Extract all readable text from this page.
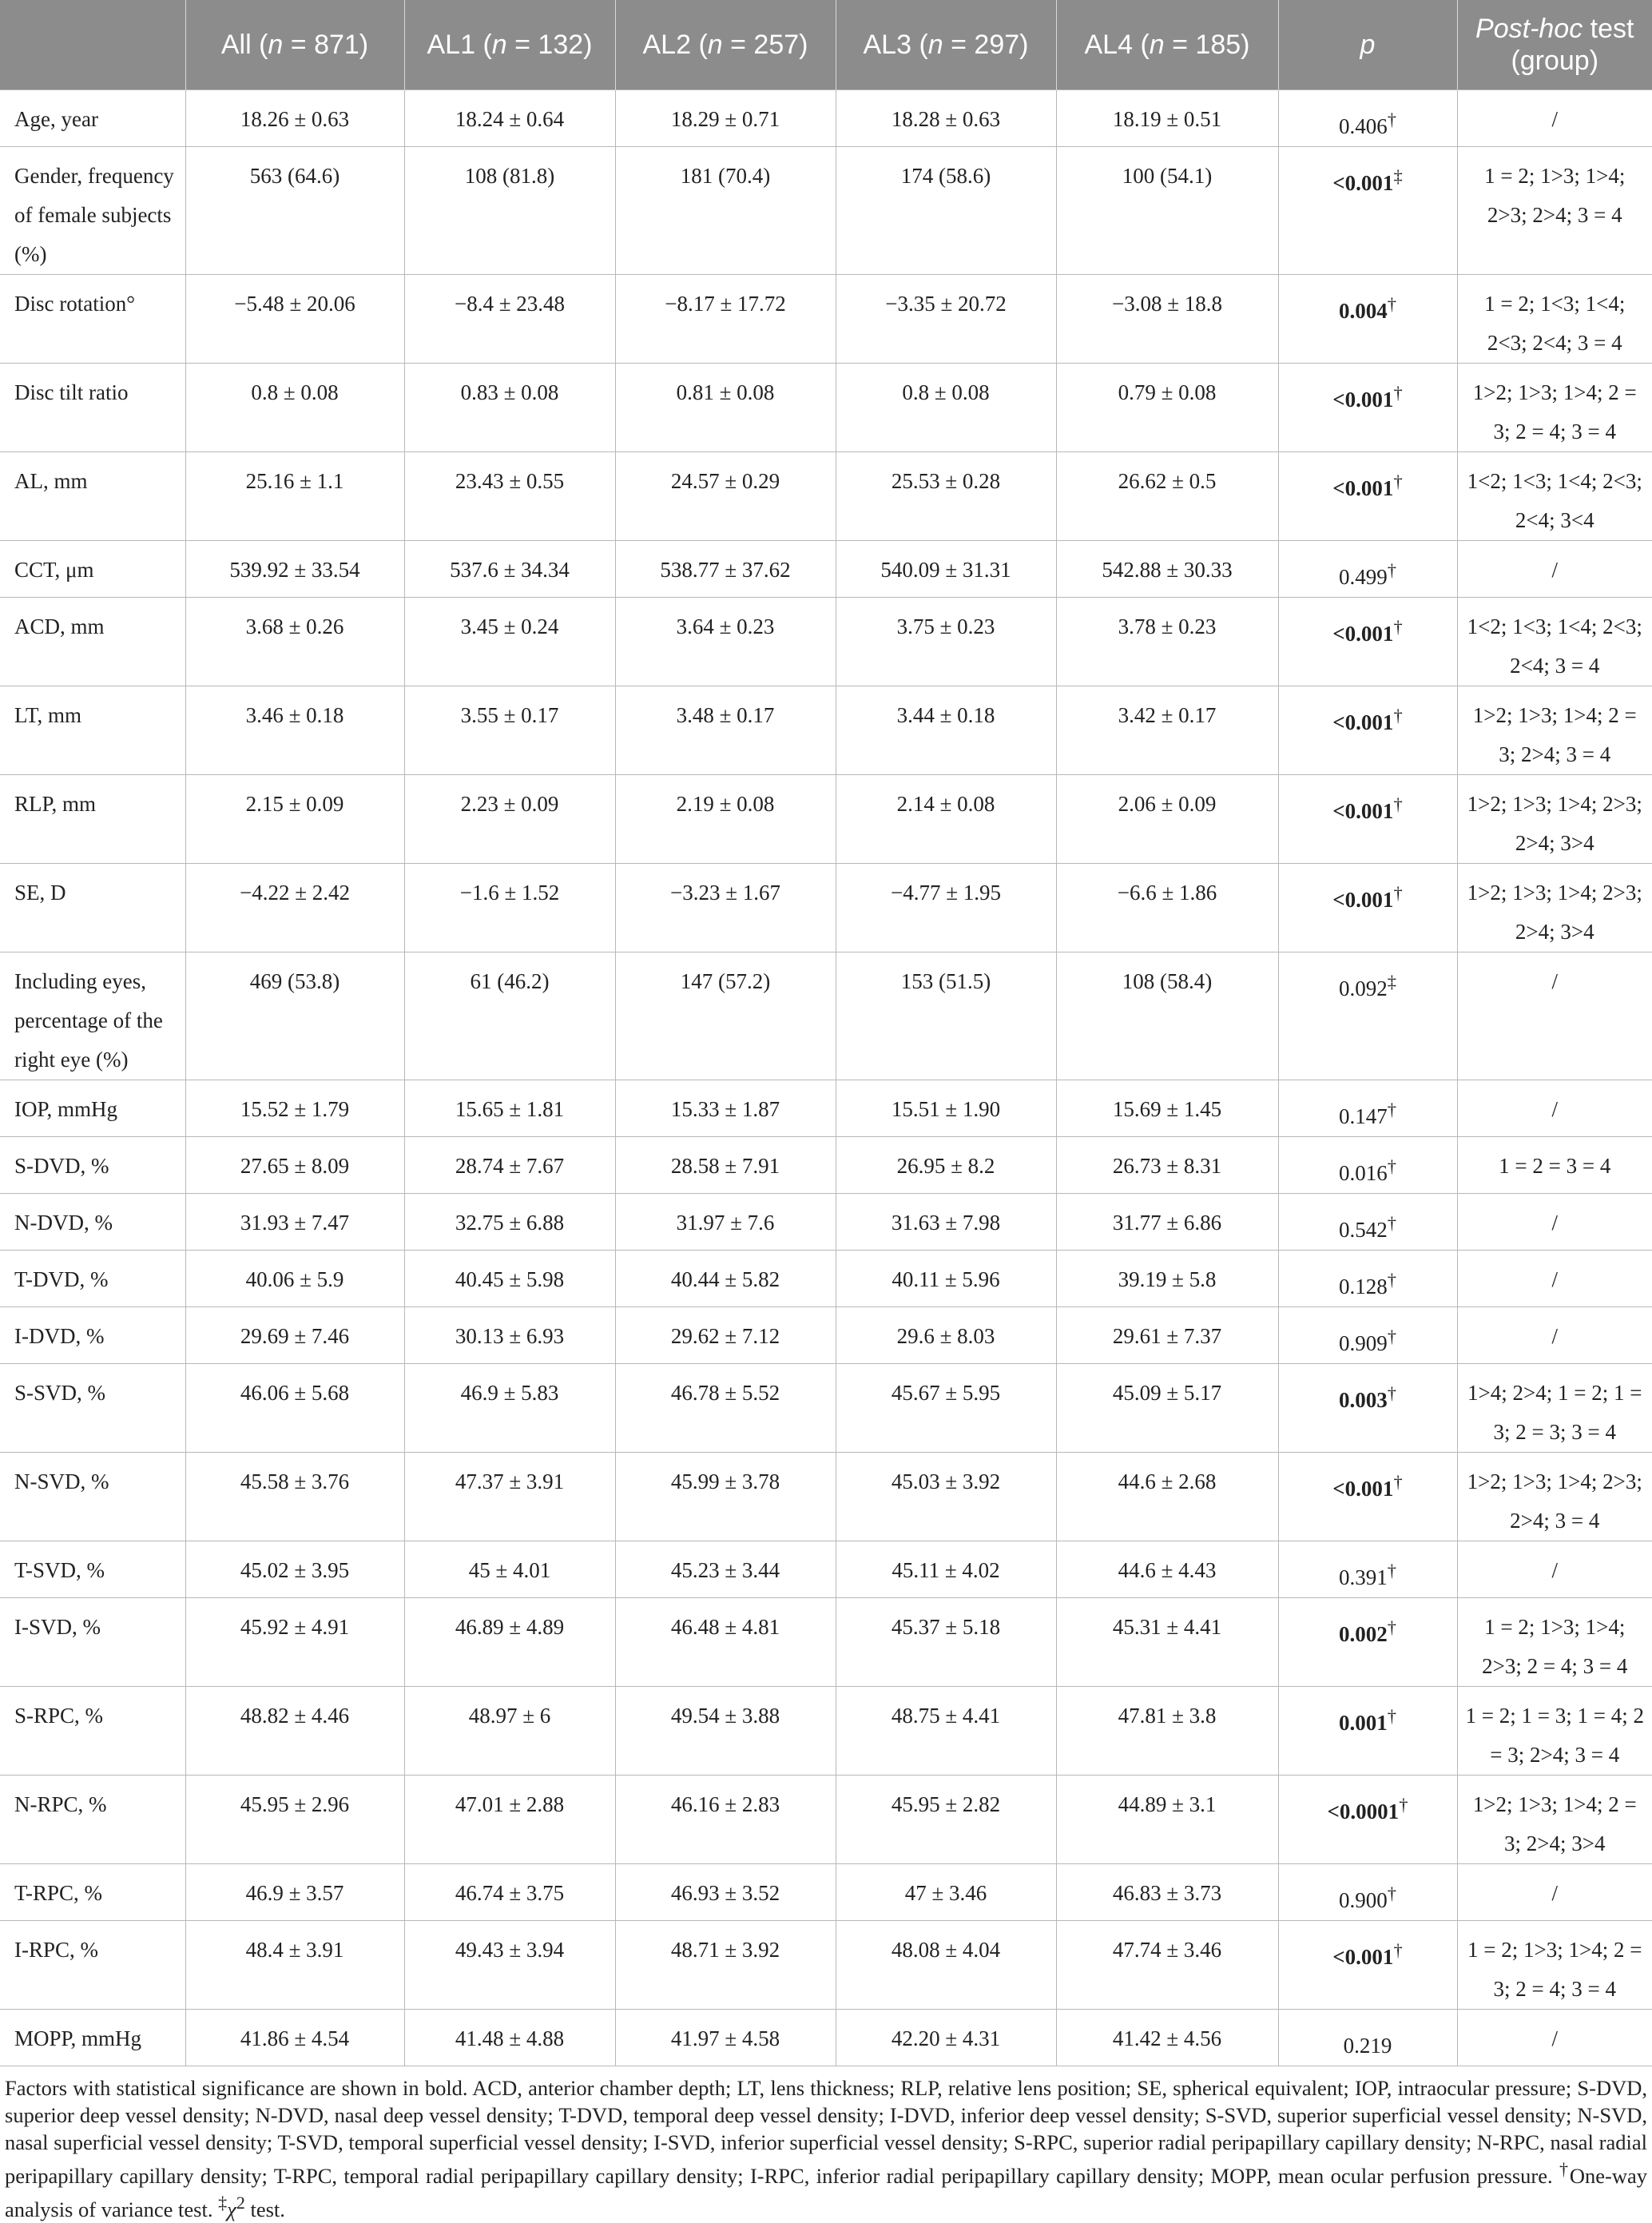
	All (n = 871)	AL1 (n = 132)	AL2 (n = 257)	AL3 (n = 297)	AL4 (n = 185)	p	Post-hoc test (group)
Age, year	18.26 ± 0.63	18.24 ± 0.64	18.29 ± 0.71	18.28 ± 0.63	18.19 ± 0.51	0.406†	/
Gender, frequency of female subjects (%)	563 (64.6)	108 (81.8)	181 (70.4)	174 (58.6)	100 (54.1)	<0.001‡	1 = 2; 1>3; 1>4; 2>3; 2>4; 3 = 4
Disc rotation°	−5.48 ± 20.06	−8.4 ± 23.48	−8.17 ± 17.72	−3.35 ± 20.72	−3.08 ± 18.8	0.004†	1 = 2; 1<3; 1<4; 2<3; 2<4; 3 = 4
Disc tilt ratio	0.8 ± 0.08	0.83 ± 0.08	0.81 ± 0.08	0.8 ± 0.08	0.79 ± 0.08	<0.001†	1>2; 1>3; 1>4; 2 = 3; 2 = 4; 3 = 4
AL, mm	25.16 ± 1.1	23.43 ± 0.55	24.57 ± 0.29	25.53 ± 0.28	26.62 ± 0.5	<0.001†	1<2; 1<3; 1<4; 2<3; 2<4; 3<4
CCT, μm	539.92 ± 33.54	537.6 ± 34.34	538.77 ± 37.62	540.09 ± 31.31	542.88 ± 30.33	0.499†	/
ACD, mm	3.68 ± 0.26	3.45 ± 0.24	3.64 ± 0.23	3.75 ± 0.23	3.78 ± 0.23	<0.001†	1<2; 1<3; 1<4; 2<3; 2<4; 3 = 4
LT, mm	3.46 ± 0.18	3.55 ± 0.17	3.48 ± 0.17	3.44 ± 0.18	3.42 ± 0.17	<0.001†	1>2; 1>3; 1>4; 2 = 3; 2>4; 3 = 4
RLP, mm	2.15 ± 0.09	2.23 ± 0.09	2.19 ± 0.08	2.14 ± 0.08	2.06 ± 0.09	<0.001†	1>2; 1>3; 1>4; 2>3; 2>4; 3>4
SE, D	−4.22 ± 2.42	−1.6 ± 1.52	−3.23 ± 1.67	−4.77 ± 1.95	−6.6 ± 1.86	<0.001†	1>2; 1>3; 1>4; 2>3; 2>4; 3>4
Including eyes, percentage of the right eye (%)	469 (53.8)	61 (46.2)	147 (57.2)	153 (51.5)	108 (58.4)	0.092‡	/
IOP, mmHg	15.52 ± 1.79	15.65 ± 1.81	15.33 ± 1.87	15.51 ± 1.90	15.69 ± 1.45	0.147†	/
S-DVD, %	27.65 ± 8.09	28.74 ± 7.67	28.58 ± 7.91	26.95 ± 8.2	26.73 ± 8.31	0.016†	1 = 2 = 3 = 4
N-DVD, %	31.93 ± 7.47	32.75 ± 6.88	31.97 ± 7.6	31.63 ± 7.98	31.77 ± 6.86	0.542†	/
T-DVD, %	40.06 ± 5.9	40.45 ± 5.98	40.44 ± 5.82	40.11 ± 5.96	39.19 ± 5.8	0.128†	/
I-DVD, %	29.69 ± 7.46	30.13 ± 6.93	29.62 ± 7.12	29.6 ± 8.03	29.61 ± 7.37	0.909†	/
S-SVD, %	46.06 ± 5.68	46.9 ± 5.83	46.78 ± 5.52	45.67 ± 5.95	45.09 ± 5.17	0.003†	1>4; 2>4; 1 = 2; 1 = 3; 2 = 3; 3 = 4
N-SVD, %	45.58 ± 3.76	47.37 ± 3.91	45.99 ± 3.78	45.03 ± 3.92	44.6 ± 2.68	<0.001†	1>2; 1>3; 1>4; 2>3; 2>4; 3 = 4
T-SVD, %	45.02 ± 3.95	45 ± 4.01	45.23 ± 3.44	45.11 ± 4.02	44.6 ± 4.43	0.391†	/
I-SVD, %	45.92 ± 4.91	46.89 ± 4.89	46.48 ± 4.81	45.37 ± 5.18	45.31 ± 4.41	0.002†	1 = 2; 1>3; 1>4; 2>3; 2 = 4; 3 = 4
S-RPC, %	48.82 ± 4.46	48.97 ± 6	49.54 ± 3.88	48.75 ± 4.41	47.81 ± 3.8	0.001†	1 = 2; 1 = 3; 1 = 4; 2 = 3; 2>4; 3 = 4
N-RPC, %	45.95 ± 2.96	47.01 ± 2.88	46.16 ± 2.83	45.95 ± 2.82	44.89 ± 3.1	<0.0001†	1>2; 1>3; 1>4; 2 = 3; 2>4; 3>4
T-RPC, %	46.9 ± 3.57	46.74 ± 3.75	46.93 ± 3.52	47 ± 3.46	46.83 ± 3.73	0.900†	/
I-RPC, %	48.4 ± 3.91	49.43 ± 3.94	48.71 ± 3.92	48.08 ± 4.04	47.74 ± 3.46	<0.001†	1 = 2; 1>3; 1>4; 2 = 3; 2 = 4; 3 = 4
MOPP, mmHg	41.86 ± 4.54	41.48 ± 4.88	41.97 ± 4.58	42.20 ± 4.31	41.42 ± 4.56	0.219	/
Factors with statistical significance are shown in bold. ACD, anterior chamber depth; LT, lens thickness; RLP, relative lens position; SE, spherical equivalent; IOP, intraocular pressure; S-DVD, superior deep vessel density; N-DVD, nasal deep vessel density; T-DVD, temporal deep vessel density; I-DVD, inferior deep vessel density; S-SVD, superior superficial vessel density; N-SVD, nasal superficial vessel density; T-SVD, temporal superficial vessel density; I-SVD, inferior superficial vessel density; S-RPC, superior radial peripapillary capillary density; N-RPC, nasal radial peripapillary capillary density; T-RPC, temporal radial peripapillary capillary density; I-RPC, inferior radial peripapillary capillary density; MOPP, mean ocular perfusion pressure. †One-way analysis of variance test. $^\ddagger\chi^2$ test.
